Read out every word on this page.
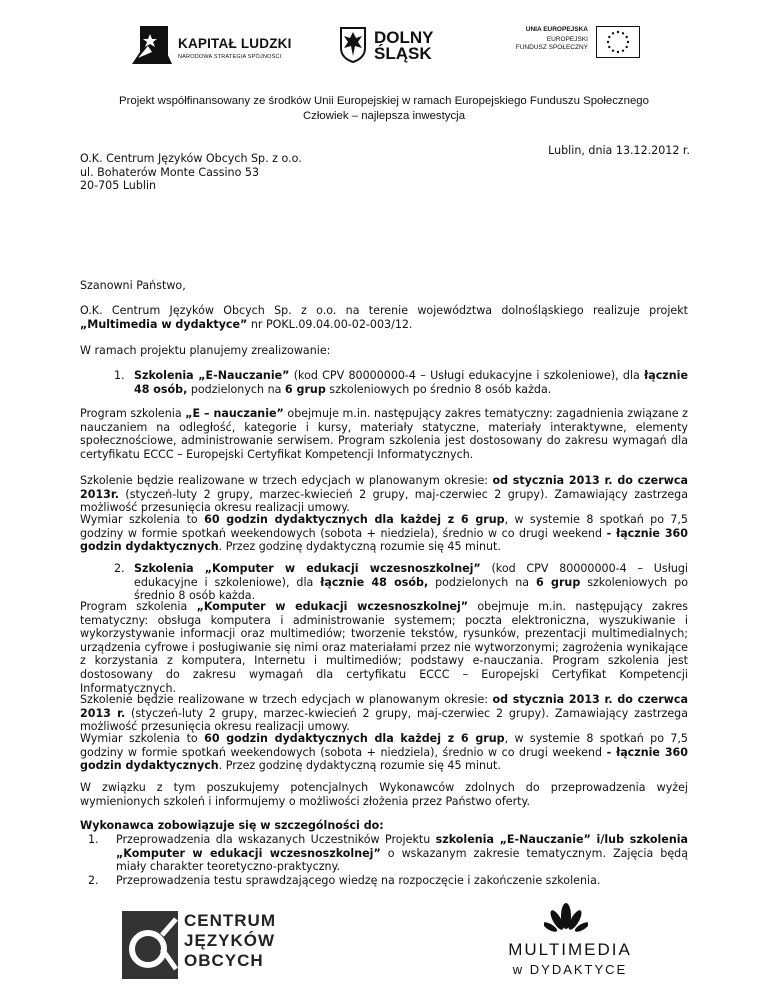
KAPITAŁ LUDZKI
NARODOWA STRATEGIA SPÓJNOŚCI
DOLNY
ŚLĄSK
UNIA EUROPEJSKA
EUROPEJSKI
FUNDUSZ SPOŁECZNY
Projekt współfinansowany ze środków Unii Europejskiej w ramach Europejskiego Funduszu Społecznego
Człowiek – najlepsza inwestycja
Lublin, dnia 13.12.2012 r.
O.K. Centrum Języków Obcych Sp. z o.o.
ul. Bohaterów Monte Cassino 53
20-705 Lublin
Szanowni Państwo,
O.K. Centrum Języków Obcych Sp. z o.o. na terenie województwa dolnośląskiego realizuje projekt „Multimedia w dydaktyce” nr POKL.09.04.00-02-003/12.
W ramach projektu planujemy zrealizowanie:
1. Szkolenia „E-Nauczanie” (kod CPV 80000000-4 – Usługi edukacyjne i szkoleniowe), dla łącznie 48 osób, podzielonych na 6 grup szkoleniowych po średnio 8 osób każda.
Program szkolenia „E – nauczanie” obejmuje m.in. następujący zakres tematyczny: zagadnienia związane z nauczaniem na odległość, kategorie i kursy, materiały statyczne, materiały interaktywne, elementy społecznościowe, administrowanie serwisem. Program szkolenia jest dostosowany do zakresu wymagań dla certyfikatu ECCC – Europejski Certyfikat Kompetencji Informatycznych.
Szkolenie będzie realizowane w trzech edycjach w planowanym okresie: od stycznia 2013 r. do czerwca 2013r. (styczeń-luty 2 grupy, marzec-kwiecień 2 grupy, maj-czerwiec 2 grupy). Zamawiający zastrzega możliwość przesunięcia okresu realizacji umowy.
Wymiar szkolenia to 60 godzin dydaktycznych dla każdej z 6 grup, w systemie 8 spotkań po 7,5 godziny w formie spotkań weekendowych (sobota + niedziela), średnio w co drugi weekend - łącznie 360 godzin dydaktycznych. Przez godzinę dydaktyczną rozumie się 45 minut.
2. Szkolenia „Komputer w edukacji wczesnoszkolnej” (kod CPV 80000000-4 – Usługi edukacyjne i szkoleniowe), dla łącznie 48 osób, podzielonych na 6 grup szkoleniowych po średnio 8 osób każda.
Program szkolenia „Komputer w edukacji wczesnoszkolnej” obejmuje m.in. następujący zakres tematyczny: obsługa komputera i administrowanie systemem; poczta elektroniczna, wyszukiwanie i wykorzystywanie informacji oraz multimediów; tworzenie tekstów, rysunków, prezentacji multimedialnych; urządzenia cyfrowe i posługiwanie się nimi oraz materiałami przez nie wytworzonymi; zagrożenia wynikające z korzystania z komputera, Internetu i multimediów; podstawy e-nauczania. Program szkolenia jest dostosowany do zakresu wymagań dla certyfikatu ECCC – Europejski Certyfikat Kompetencji Informatycznych.
Szkolenie będzie realizowane w trzech edycjach w planowanym okresie: od stycznia 2013 r. do czerwca 2013 r. (styczeń-luty 2 grupy, marzec-kwiecień 2 grupy, maj-czerwiec 2 grupy). Zamawiający zastrzega możliwość przesunięcia okresu realizacji umowy.
Wymiar szkolenia to 60 godzin dydaktycznych dla każdej z 6 grup, w systemie 8 spotkań po 7,5 godziny w formie spotkań weekendowych (sobota + niedziela), średnio w co drugi weekend - łącznie 360 godzin dydaktycznych. Przez godzinę dydaktyczną rozumie się 45 minut.
W związku z tym poszukujemy potencjalnych Wykonawców zdolnych do przeprowadzenia wyżej wymienionych szkoleń i informujemy o możliwości złożenia przez Państwo oferty.
Wykonawca zobowiązuje się w szczególności do:
1. Przeprowadzenia dla wskazanych Uczestników Projektu szkolenia „E-Nauczanie” i/lub szkolenia „Komputer w edukacji wczesnoszkolnej” o wskazanym zakresie tematycznym. Zajęcia będą miały charakter teoretyczno-praktyczny.
2. Przeprowadzenia testu sprawdzającego wiedzę na rozpoczęcie i zakończenie szkolenia.
CENTRUM
JĘZYKÓW
OBCYCH
MULTIMEDIA
w DYDAKTYCE
